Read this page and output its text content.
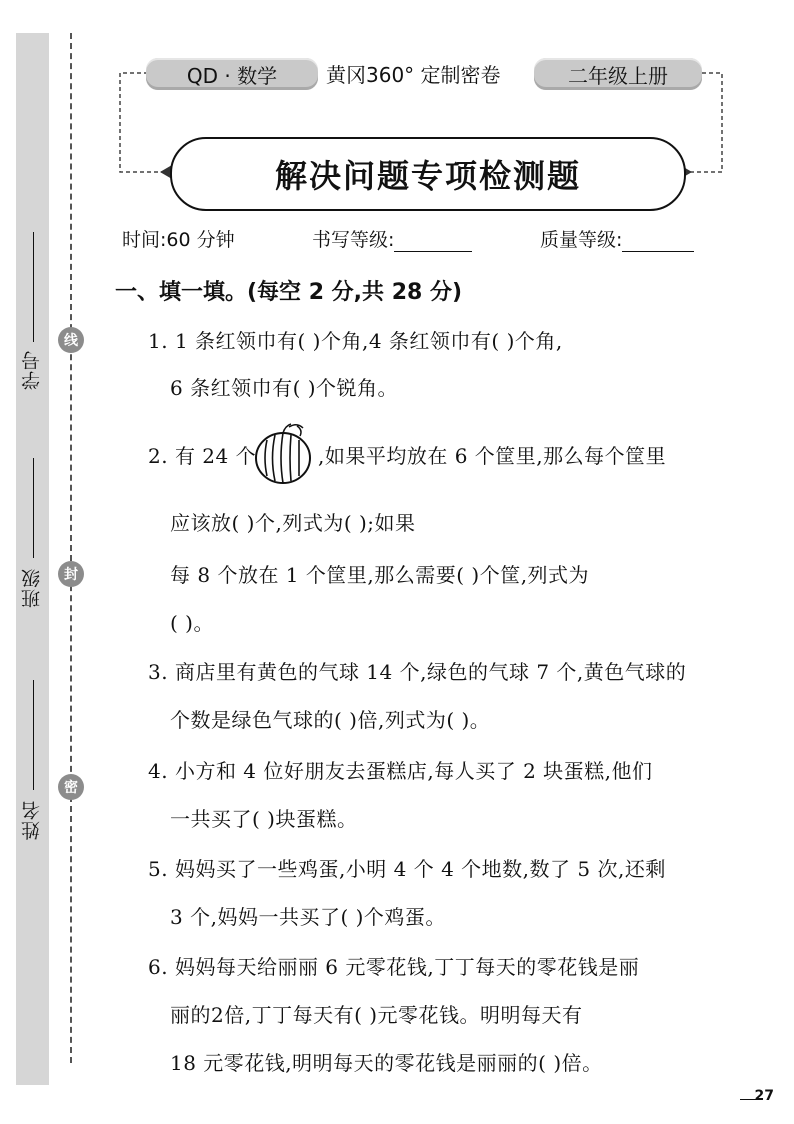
学号
班级
姓名
线
封
密
QD · 数学	黄冈360° 定制密卷	二年级上册
解决问题专项检测题
时间:60 分钟	书写等级:	质量等级:
一、填一填。(每空 2 分,共 28 分)
1. 1 条红领巾有( )个角,4 条红领巾有( )个角,
6 条红领巾有( )个锐角。
2. 有 24 个	,如果平均放在 6 个筐里,那么每个筐里
应该放( )个,列式为( );如果
每 8 个放在 1 个筐里,那么需要( )个筐,列式为
( )。
3. 商店里有黄色的气球 14 个,绿色的气球 7 个,黄色气球的
个数是绿色气球的( )倍,列式为( )。
4. 小方和 4 位好朋友去蛋糕店,每人买了 2 块蛋糕,他们
一共买了( )块蛋糕。
5. 妈妈买了一些鸡蛋,小明 4 个 4 个地数,数了 5 次,还剩
3 个,妈妈一共买了( )个鸡蛋。
6. 妈妈每天给丽丽 6 元零花钱,丁丁每天的零花钱是丽
丽的2倍,丁丁每天有( )元零花钱。明明每天有
18 元零花钱,明明每天的零花钱是丽丽的( )倍。
27
